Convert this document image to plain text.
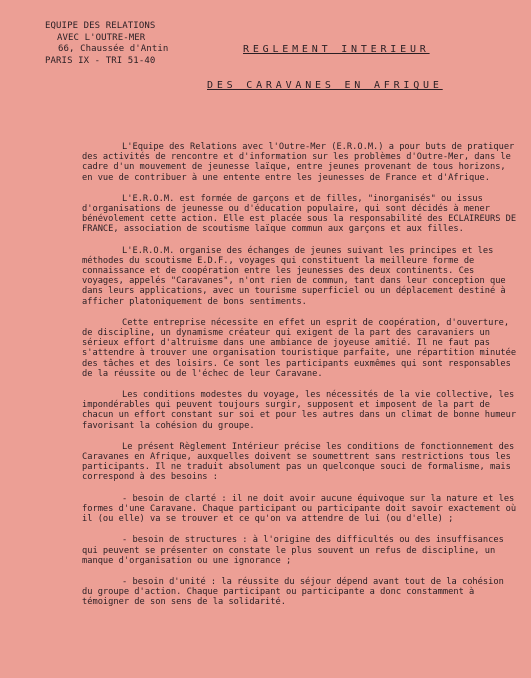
EQUIPE DES RELATIONS
AVEC L'OUTRE-MER
66, Chaussée d'Antin
PARIS IX - TRI 51-40
REGLEMENT INTERIEUR
DES CARAVANES EN AFRIQUE

L'Equipe des Relations avec l'Outre-Mer (E.R.O.M.) a pour buts de pratiquer des activités de rencontre et d'information sur les problèmes d'Outre-Mer, dans le cadre d'un mouvement de jeunesse laïque, entre jeunes provenant de tous horizons, en vue de contribuer à une entente entre les jeunesses de France et d'Afrique.

L'E.R.O.M. est formée de garçons et de filles, "inorganisés" ou issus d'organisations de jeunesse ou d'éducation populaire, qui sont décidés à mener bénévolement cette action. Elle est placée sous la responsabilité des ECLAIREURS DE FRANCE, association de scoutisme laïque commun aux garçons et aux filles.

L'E.R.O.M. organise des échanges de jeunes suivant les principes et les méthodes du scoutisme E.D.F., voyages qui constituent la meilleure forme de connaissance et de coopération entre les jeunesses des deux continents. Ces voyages, appelés "Caravanes", n'ont rien de commun, tant dans leur conception que dans leurs applications, avec un tourisme superficiel ou un déplacement destiné à afficher platoniquement de bons sentiments.

Cette entreprise nécessite en effet un esprit de coopération, d'ouverture, de discipline, un dynamisme créateur qui exigent de la part des caravaniers un sérieux effort d'altruisme dans une ambiance de joyeuse amitié. Il ne faut pas s'attendre à trouver une organisation touristique parfaite, une répartition minutée des tâches et des loisirs. Ce sont les participants euxmêmes qui sont responsables de la réussite ou de l'échec de leur Caravane.

Les conditions modestes du voyage, les nécessités de la vie collective, les impondérables qui peuvent toujours surgir, supposent et imposent de la part de chacun un effort constant sur soi et pour les autres dans un climat de bonne humeur favorisant la cohésion du groupe.

Le présent Règlement Intérieur précise les conditions de fonctionnement des Caravanes en Afrique, auxquelles doivent se soumettrent sans restrictions tous les participants. Il ne traduit absolument pas un quelconque souci de formalisme, mais correspond à des besoins :

- besoin de clarté : il ne doit avoir aucune équivoque sur la nature et les formes d'une Caravane. Chaque participant ou participante doit savoir exactement où il (ou elle) va se trouver et ce qu'on va attendre de lui (ou d'elle) ;

- besoin de structures : à l'origine des difficultés ou des insuffisances qui peuvent se présenter on constate le plus souvent un refus de discipline, un manque d'organisation ou une ignorance ;

- besoin d'unité : la réussite du séjour dépend avant tout de la cohésion du groupe d'action. Chaque participant ou participante a donc constamment à témoigner de son sens de la solidarité.
